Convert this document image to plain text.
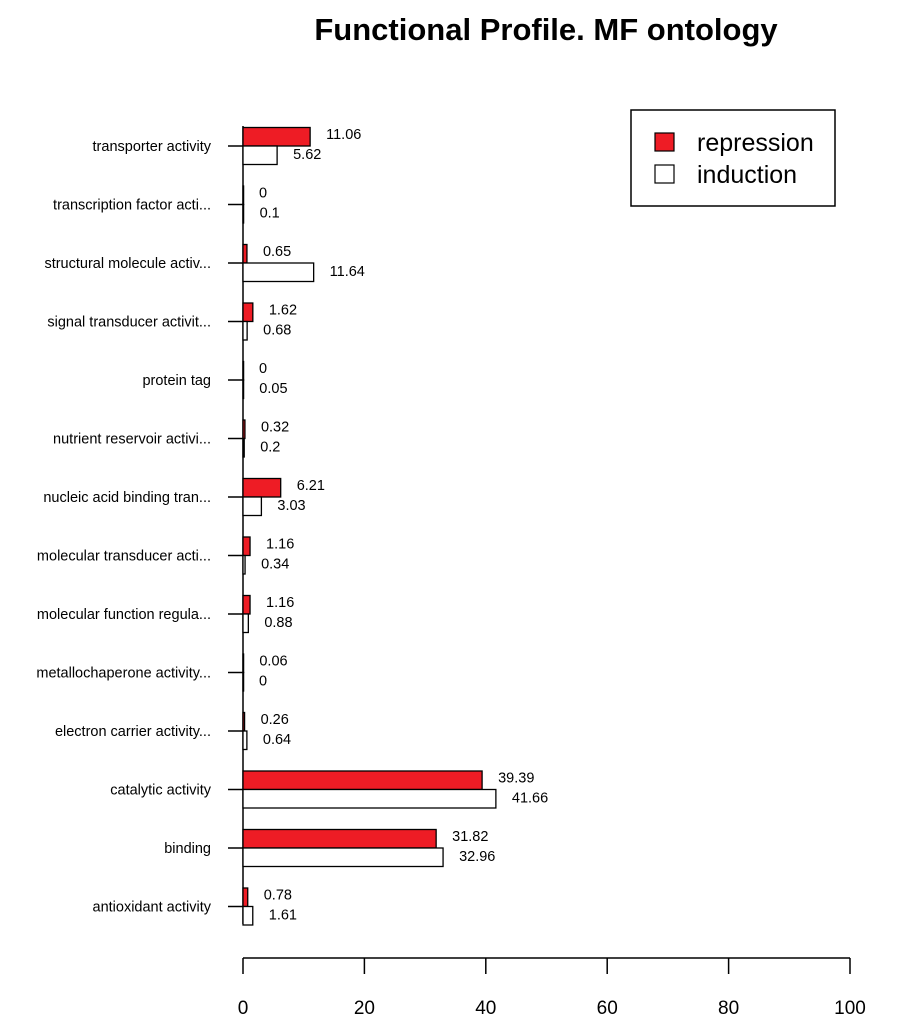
Functional Profile. MF ontology
transporter activity
transcription factor acti...
structural molecule activ...
signal transducer activit...
protein tag
nutrient reservoir activi...
nucleic acid binding tran...
molecular transducer acti...
molecular function regula...
metallochaperone activity...
electron carrier activity...
catalytic activity
binding
antioxidant activity
11.06
5.62
0
0.1
0.65
11.64
1.62
0.68
0
0.05
0.32
0.2
6.21
3.03
1.16
0.34
1.16
0.88
0.06
0
0.26
0.64
39.39
41.66
31.82
32.96
0.78
1.61
0	20	40	60	80	100
repression
induction
